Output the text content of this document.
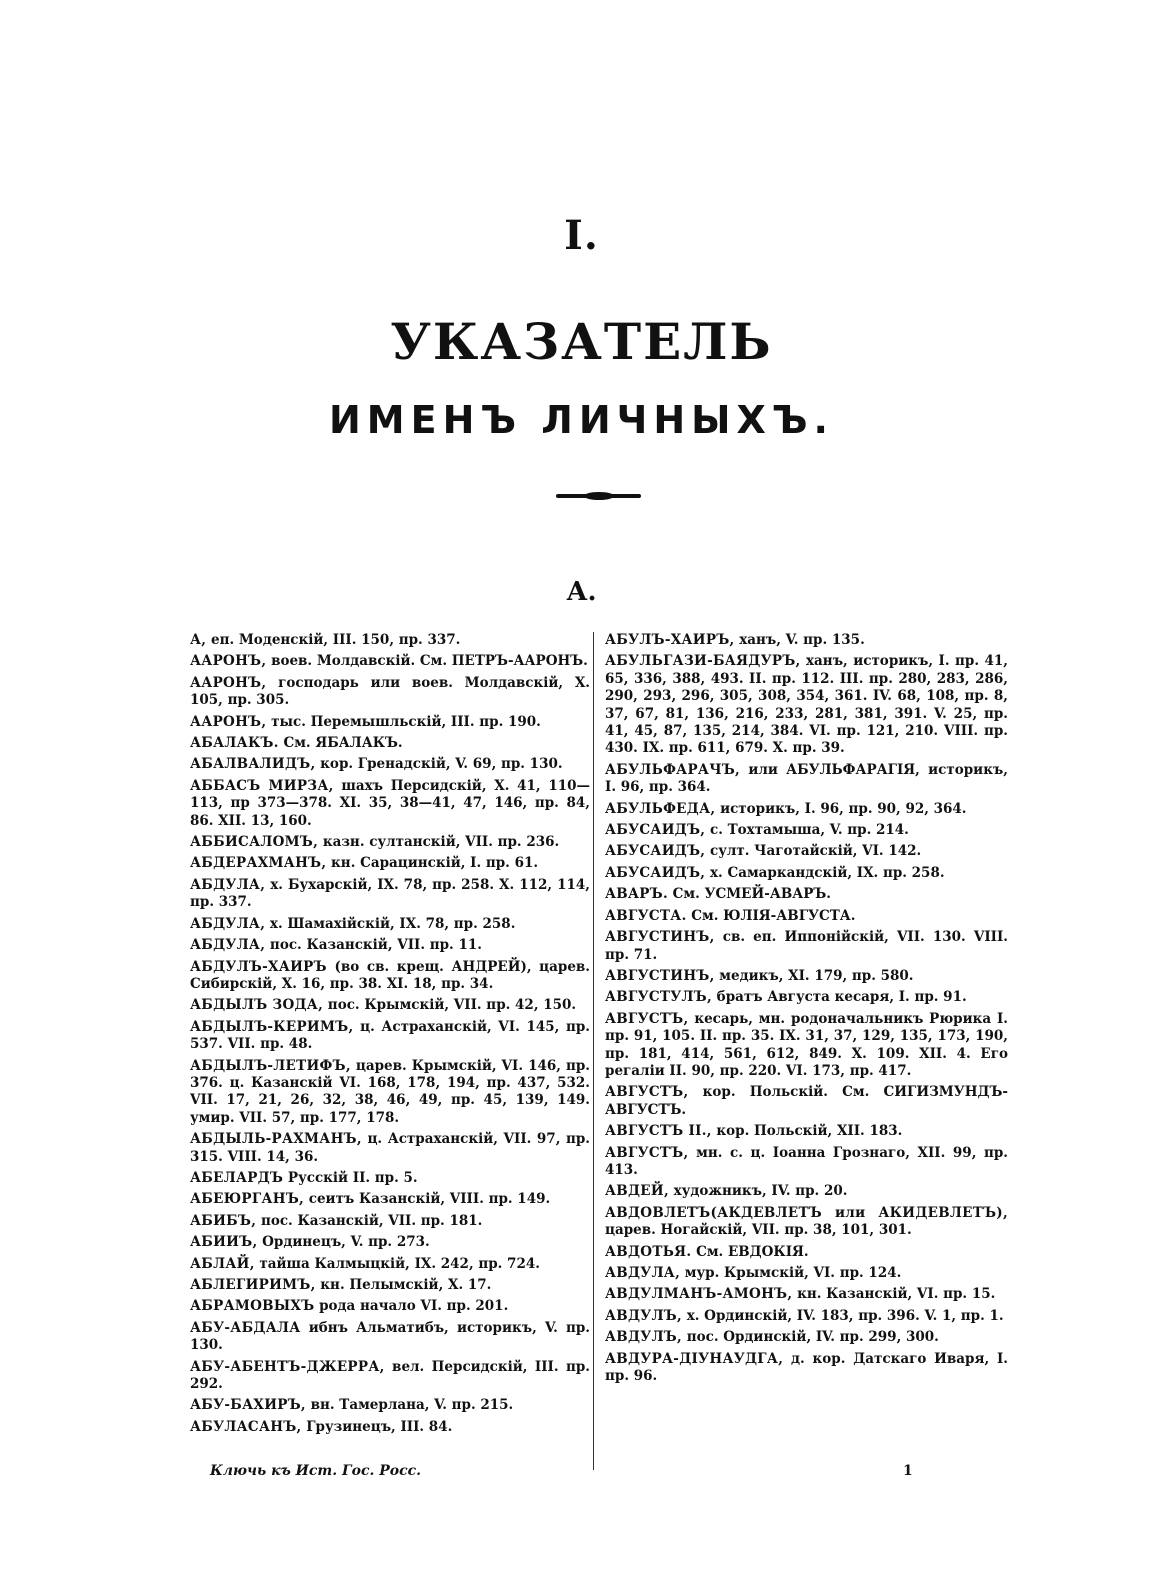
I.
УКАЗАТЕЛЬ
ИМЕНЪ ЛИЧНЫХЪ.
А.
А, еп. Моденскій, III. 150, пр. 337.
ААРОНЪ, воев. Молдавскій. См. ПЕТРЪ-ААРОНЪ.
ААРОНЪ, господарь или воев. Молдавскій, X. 105, пр. 305.
ААРОНЪ, тыс. Перемышльскій, III. пр. 190.
АБАЛАКЪ. См. ЯБАЛАКЪ.
АБАЛВАЛИДЪ, кор. Гренадскій, V. 69, пр. 130.
АББАСЪ МИРЗА, шахъ Персидскій, X. 41, 110—113, пр 373—378. XI. 35, 38—41, 47, 146, пр. 84, 86. XII. 13, 160.
АББИСАЛОМЪ, казн. султанскій, VII. пр. 236.
АБДЕРАХМАНЪ, кн. Сарацинскій, I. пр. 61.
АБДУЛА, х. Бухарскій, IX. 78, пр. 258. X. 112, 114, пр. 337.
АБДУЛА, х. Шамахійскій, IX. 78, пр. 258.
АБДУЛА, пос. Казанскій, VII. пр. 11.
АБДУЛЪ-ХАИРЪ (во св. крещ. АНДРЕЙ), царев. Сибирскій, X. 16, пр. 38. XI. 18, пр. 34.
АБДЫЛЪ ЗОДА, пос. Крымскій, VII. пр. 42, 150.
АБДЫЛЪ-КЕРИМЪ, ц. Астраханскій, VI. 145, пр. 537. VII. пр. 48.
АБДЫЛЪ-ЛЕТИФЪ, царев. Крымскій, VI. 146, пр. 376. ц. Казанскій VI. 168, 178, 194, пр. 437, 532. VII. 17, 21, 26, 32, 38, 46, 49, пр. 45, 139, 149. умир. VII. 57, пр. 177, 178.
АБДЫЛЬ-РАХМАНЪ, ц. Астраханскій, VII. 97, пр. 315. VIII. 14, 36.
АБЕЛАРДЪ Русскій II. пр. 5.
АБЕЮРГАНЪ, сеитъ Казанскій, VIII. пр. 149.
АБИБЪ, пос. Казанскій, VII. пр. 181.
АБИИЪ, Ординецъ, V. пр. 273.
АБЛАЙ, тайша Калмыцкій, IX. 242, пр. 724.
АБЛЕГИРИМЪ, кн. Пелымскій, X. 17.
АБРАМОВЫХЪ рода начало VI. пр. 201.
АБУ-АБДАЛА ибнъ Альматибъ, историкъ, V. пр. 130.
АБУ-АБЕНТЪ-ДЖЕРРА, вел. Персидскій, III. пр. 292.
АБУ-БАХИРЪ, вн. Тамерлана, V. пр. 215.
АБУЛАСАНЪ, Грузинецъ, III. 84.
АБУЛЪ-ХАИРЪ, ханъ, V. пр. 135.
АБУЛЬГАЗИ-БАЯДУРЪ, ханъ, историкъ, I. пр. 41, 65, 336, 388, 493. II. пр. 112. III. пр. 280, 283, 286, 290, 293, 296, 305, 308, 354, 361. IV. 68, 108, пр. 8, 37, 67, 81, 136, 216, 233, 281, 381, 391. V. 25, пр. 41, 45, 87, 135, 214, 384. VI. пр. 121, 210. VIII. пр. 430. IX. пр. 611, 679. X. пр. 39.
АБУЛЬФАРАЧЪ, или АБУЛЬФАРАГІЯ, историкъ, I. 96, пр. 364.
АБУЛЬФЕДА, историкъ, I. 96, пр. 90, 92, 364.
АБУСАИДЪ, с. Тохтамыша, V. пр. 214.
АБУСАИДЪ, султ. Чаготайскій, VI. 142.
АБУСАИДЪ, х. Самаркандскій, IX. пр. 258.
АВАРЪ. См. УСМЕЙ-АВАРЪ.
АВГУСТА. См. ЮЛІЯ-АВГУСТА.
АВГУСТИНЪ, св. еп. Иппонійскій, VII. 130. VIII. пр. 71.
АВГУСТИНЪ, медикъ, XI. 179, пр. 580.
АВГУСТУЛЪ, братъ Августа кесаря, I. пр. 91.
АВГУСТЪ, кесарь, мн. родоначальникъ Рюрика I. пр. 91, 105. II. пр. 35. IX. 31, 37, 129, 135, 173, 190, пр. 181, 414, 561, 612, 849. X. 109. XII. 4. Его регаліи II. 90, пр. 220. VI. 173, пр. 417.
АВГУСТЪ, кор. Польскій. См. СИГИЗМУНДЪ-АВГУСТЪ.
АВГУСТЪ II., кор. Польскій, XII. 183.
АВГУСТЪ, мн. с. ц. Іоанна Грознаго, XII. 99, пр. 413.
АВДЕЙ, художникъ, IV. пр. 20.
АВДОВЛЕТЪ(АКДЕВЛЕТЪ или АКИДЕВЛЕТЪ), царев. Ногайскій, VII. пр. 38, 101, 301.
АВДОТЬЯ. См. ЕВДОКІЯ.
АВДУЛА, мур. Крымскій, VI. пр. 124.
АВДУЛМАНЪ-АМОНЪ, кн. Казанскій, VI. пр. 15.
АВДУЛЪ, х. Ординскій, IV. 183, пр. 396. V. 1, пр. 1.
АВДУЛЪ, пос. Ординскій, IV. пр. 299, 300.
АВДУРА-ДІУНАУДГА, д. кор. Датскаго Иваря, I. пр. 96.
Ключь къ Ист. Гос. Росс.	1
